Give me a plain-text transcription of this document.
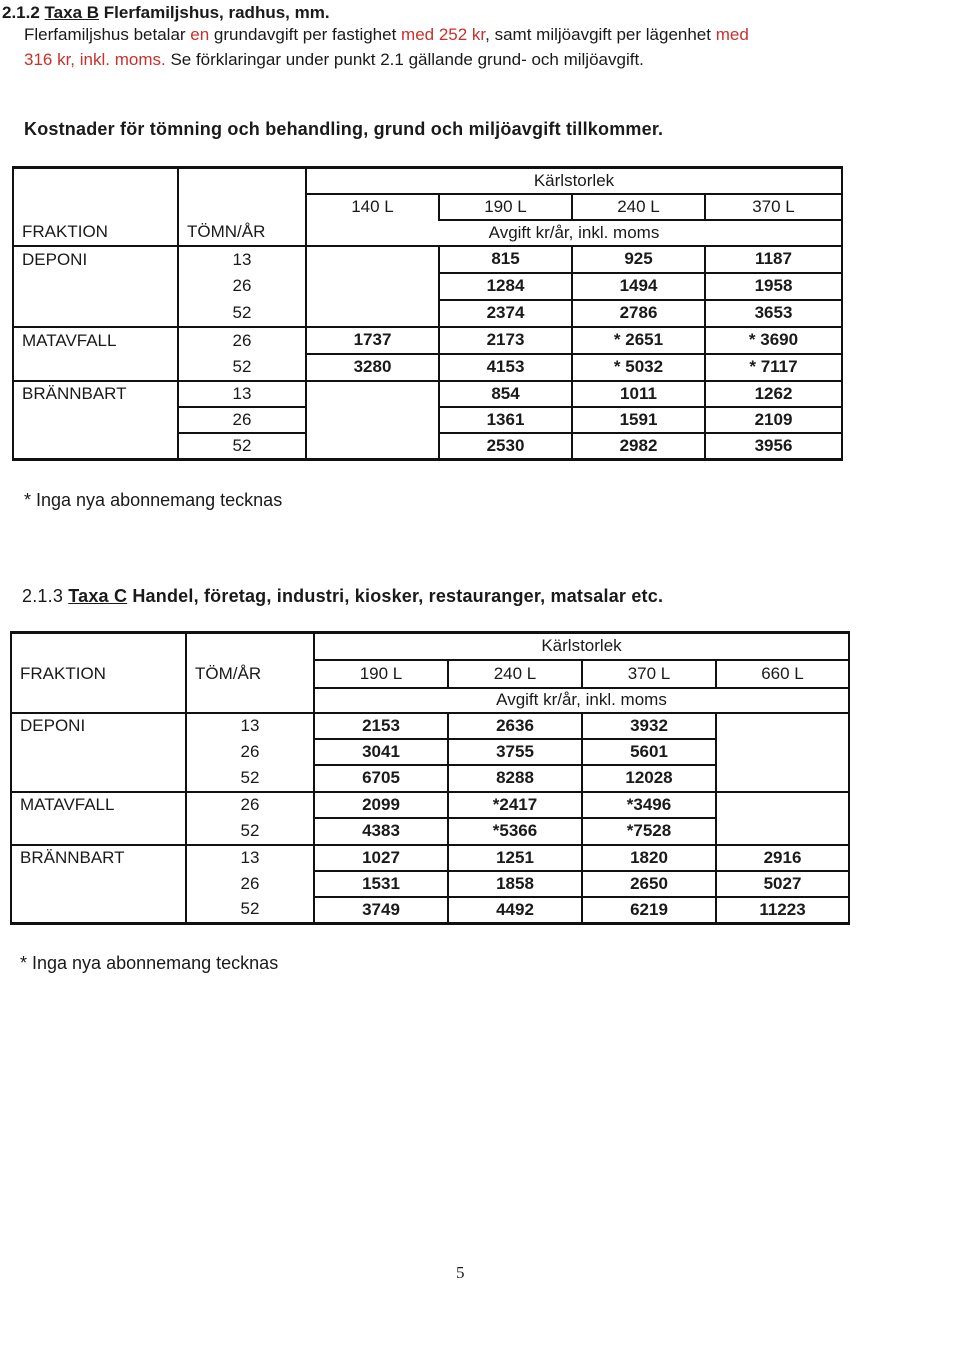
2.1.2 Taxa B Flerfamiljshus, radhus, mm.
Flerfamiljshus betalar en grundavgift per fastighet med 252 kr, samt miljöavgift per lägenhet med
316 kr, inkl. moms. Se förklaringar under punkt 2.1 gällande grund- och miljöavgift.
Kostnader för tömning och behandling, grund och miljöavgift tillkommer.
		Kärlstorlek			
		140 L	190 L	240 L	370 L
FRAKTION	TÖMN/ÅR	Avgift kr/år, inkl. moms			
DEPONI	13		815	925	1187
	26		1284	1494	1958
	52		2374	2786	3653
MATAVFALL	26	1737	2173	* 2651	* 3690
	52	3280	4153	* 5032	* 7117
BRÄNNBART	13		854	1011	1262
	26		1361	1591	2109
	52		2530	2982	3956
* Inga nya abonnemang tecknas
2.1.3 Taxa C Handel, företag, industri, kiosker, restauranger, matsalar etc.
		Kärlstorlek			
FRAKTION	TÖM/ÅR	190 L	240 L	370 L	660 L
		Avgift kr/år, inkl. moms			
DEPONI	13	2153	2636	3932	
	26	3041	3755	5601	
	52	6705	8288	12028	
MATAVFALL	26	2099	*2417	*3496	
	52	4383	*5366	*7528	
BRÄNNBART	13	1027	1251	1820	2916
	26	1531	1858	2650	5027
	52	3749	4492	6219	11223
* Inga nya abonnemang tecknas
5
